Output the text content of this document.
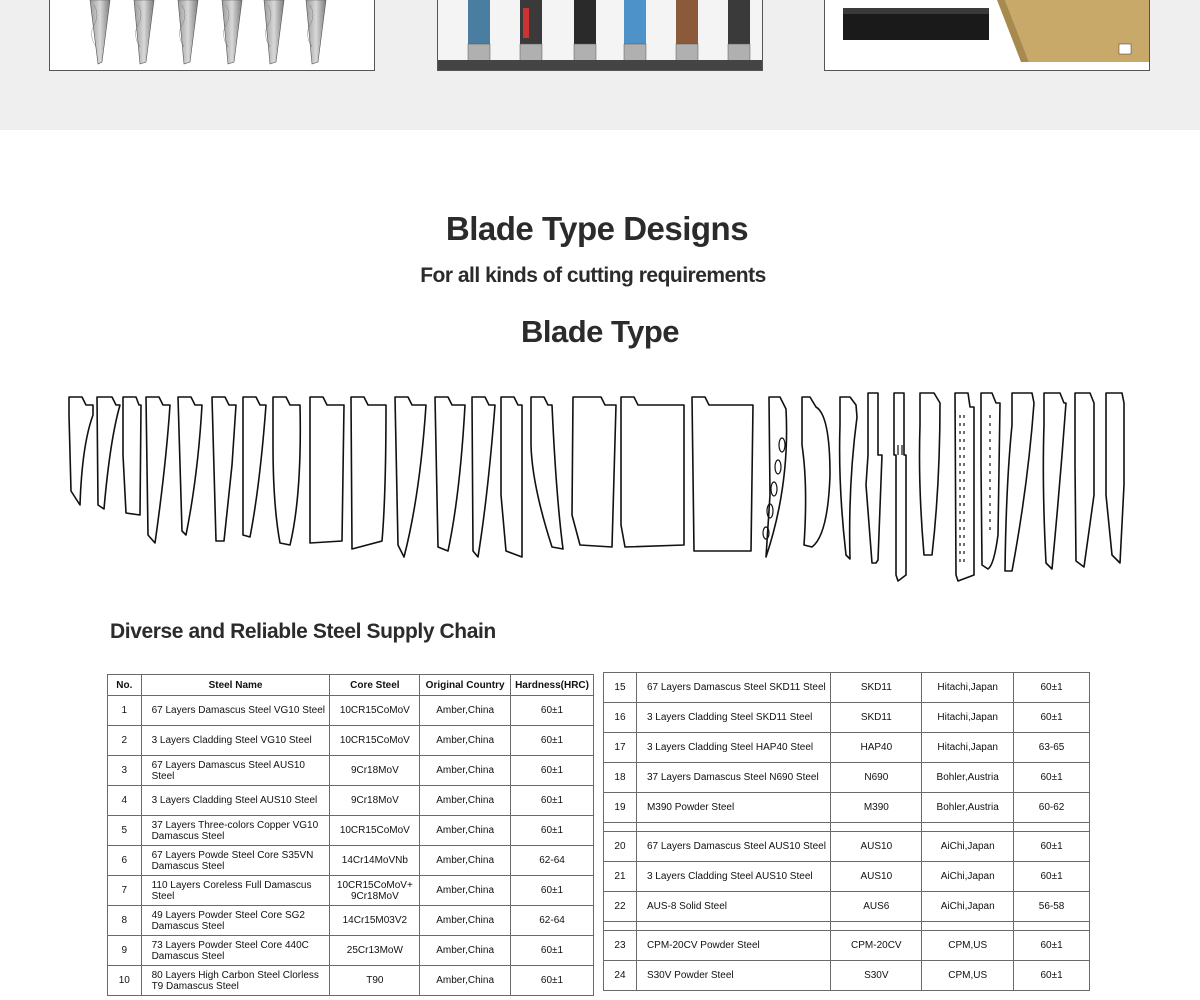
Blade Type Designs
For all kinds of cutting requirements
Blade Type
Diverse and Reliable Steel Supply Chain
No.	Steel Name	Core Steel	Original Country	Hardness(HRC)
1	67 Layers Damascus Steel VG10 Steel	10CR15CoMoV	Amber,China	60±1
2	3 Layers Cladding Steel VG10 Steel	10CR15CoMoV	Amber,China	60±1
3	67 Layers Damascus Steel AUS10 Steel	9Cr18MoV	Amber,China	60±1
4	3 Layers Cladding Steel AUS10 Steel	9Cr18MoV	Amber,China	60±1
5	37 Layers Three-colors Copper VG10 Damascus Steel	10CR15CoMoV	Amber,China	60±1
6	67 Layers Powde Steel Core S35VN Damascus Steel	14Cr14MoVNb	Amber,China	62-64
7	110 Layers Coreless Full Damascus Steel	10CR15CoMoV+ 9Cr18MoV	Amber,China	60±1
8	49 Layers Powder Steel Core SG2 Damascus Steel	14Cr15M03V2	Amber,China	62-64
9	73 Layers Powder Steel Core 440C Damascus Steel	25Cr13MoW	Amber,China	60±1
10	80 Layers High Carbon Steel Clorless T9 Damascus Steel	T90	Amber,China	60±1
15	67 Layers Damascus Steel SKD11 Steel	SKD11	Hitachi,Japan	60±1
16	3 Layers Cladding Steel SKD11 Steel	SKD11	Hitachi,Japan	60±1
17	3 Layers Cladding Steel HAP40 Steel	HAP40	Hitachi,Japan	63-65
18	37 Layers Damascus Steel N690 Steel	N690	Bohler,Austria	60±1
19	M390 Powder Steel	M390	Bohler,Austria	60-62

20	67 Layers Damascus Steel AUS10 Steel	AUS10	AiChi,Japan	60±1
21	3 Layers Cladding Steel AUS10 Steel	AUS10	AiChi,Japan	60±1
22	AUS-8 Solid Steel	AUS6	AiChi,Japan	56-58

23	CPM-20CV Powder Steel	CPM-20CV	CPM,US	60±1
24	S30V Powder Steel	S30V	CPM,US	60±1
